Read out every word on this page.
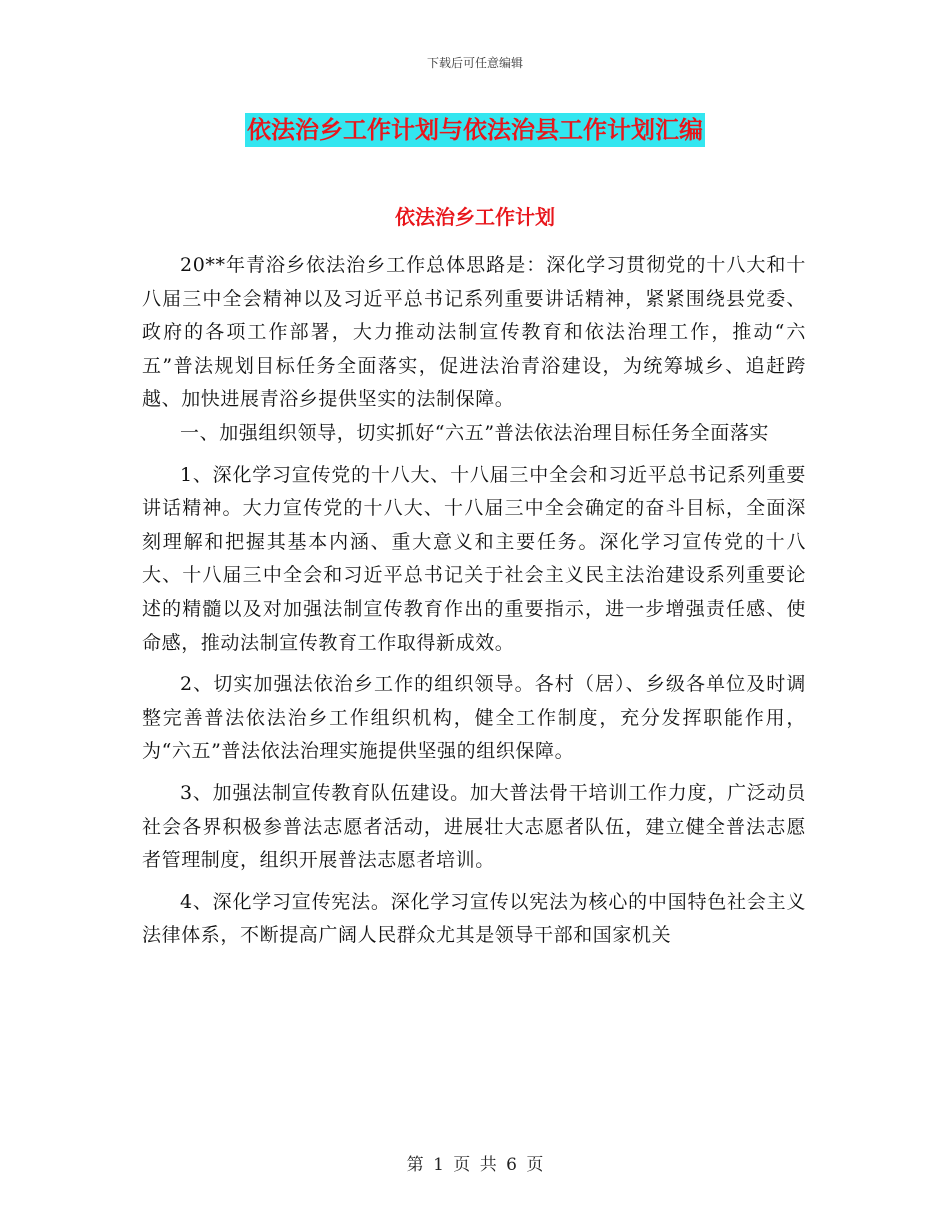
下载后可任意编辑
依法治乡工作计划与依法治县工作计划汇编
依法治乡工作计划

20**年青浴乡依法治乡工作总体思路是：深化学习贯彻党的十八大和十八届三中全会精神以及习近平总书记系列重要讲话精神，紧紧围绕县党委、政府的各项工作部署，大力推动法制宣传教育和依法治理工作，推动“六五”普法规划目标任务全面落实，促进法治青浴建设，为统筹城乡、追赶跨越、加快进展青浴乡提供坚实的法制保障。

一、加强组织领导，切实抓好“六五”普法依法治理目标任务全面落实

1、深化学习宣传党的十八大、十八届三中全会和习近平总书记系列重要讲话精神。大力宣传党的十八大、十八届三中全会确定的奋斗目标，全面深刻理解和把握其基本内涵、重大意义和主要任务。深化学习宣传党的十八大、十八届三中全会和习近平总书记关于社会主义民主法治建设系列重要论述的精髓以及对加强法制宣传教育作出的重要指示，进一步增强责任感、使命感，推动法制宣传教育工作取得新成效。

2、切实加强法依治乡工作的组织领导。各村（居）、乡级各单位及时调整完善普法依法治乡工作组织机构，健全工作制度，充分发挥职能作用，为“六五”普法依法治理实施提供坚强的组织保障。

3、加强法制宣传教育队伍建设。加大普法骨干培训工作力度，广泛动员社会各界积极参普法志愿者活动，进展壮大志愿者队伍，建立健全普法志愿者管理制度，组织开展普法志愿者培训。

4、深化学习宣传宪法。深化学习宣传以宪法为核心的中国特色社会主义法律体系，不断提高广阔人民群众尤其是领导干部和国家机关

第 1 页 共 6 页
